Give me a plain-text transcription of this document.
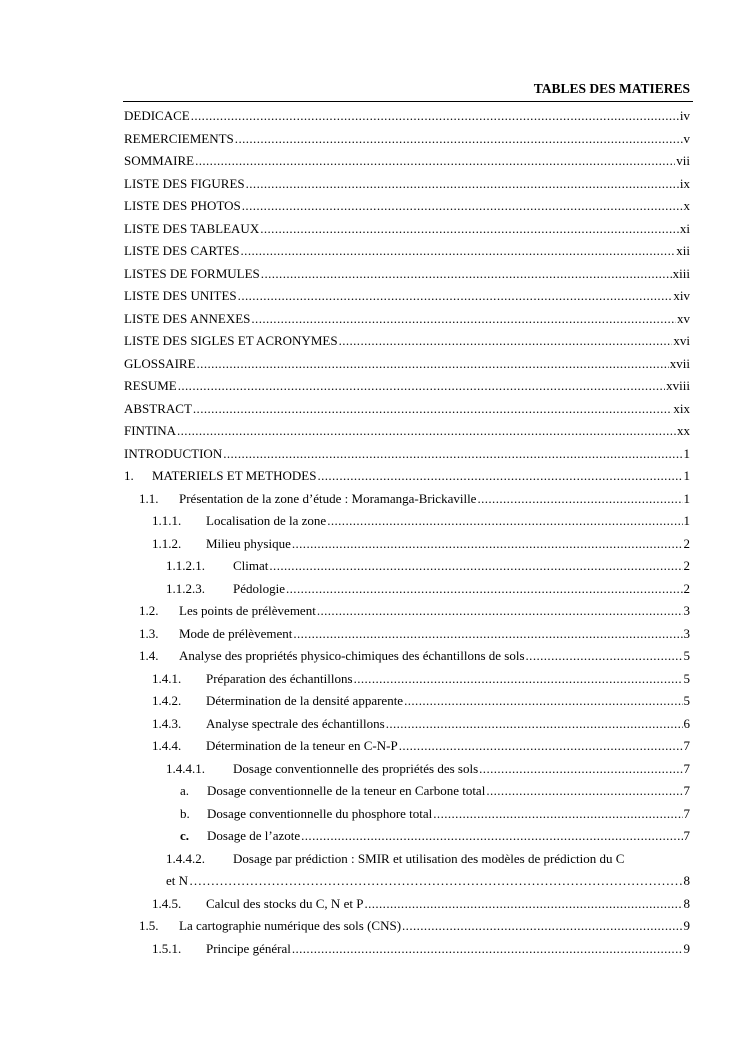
TABLES DES MATIERES
DEDICACE .....	iv
REMERCIEMENTS .....	v
SOMMAIRE .....	vii
LISTE DES FIGURES .....	ix
LISTE DES PHOTOS .....	x
LISTE DES TABLEAUX .....	xi
LISTE DES CARTES .....	xii
LISTES DE FORMULES .....	xiii
LISTE DES UNITES .....	xiv
LISTE DES ANNEXES .....	xv
LISTE DES SIGLES ET ACRONYMES .....	xvi
GLOSSAIRE .....	xvii
RESUME .....	xviii
ABSTRACT .....	xix
FINTINA .....	xx
INTRODUCTION .....	1
1.	MATERIELS ET METHODES .....	1
1.1.	Présentation de la zone d’étude : Moramanga-Brickaville .....	1
1.1.1.	Localisation de la zone .....	1
1.1.2.	Milieu physique .....	2
1.1.2.1.	Climat .....	2
1.1.2.3.	Pédologie .....	2
1.2.	Les points de prélèvement .....	3
1.3.	Mode de prélèvement .....	3
1.4.	Analyse des propriétés physico-chimiques des échantillons de sols .....	5
1.4.1.	Préparation des échantillons .....	5
1.4.2.	Détermination de la densité apparente .....	5
1.4.3.	Analyse spectrale des échantillons .....	6
1.4.4.	Détermination de la teneur en C-N-P .....	7
1.4.4.1.	Dosage conventionnelle des propriétés des sols .....	7
a.	Dosage conventionnelle de la teneur en Carbone total .....	7
b.	Dosage conventionnelle du phosphore total .....	7
c.	Dosage de l’azote .....	7
1.4.4.2.	Dosage par prédiction : SMIR et utilisation des modèles de prédiction du C
et N ……………………………………………………………………………………………………………………………………………………………………………………	8
1.4.5.	Calcul des stocks du C, N et P .....	8
1.5.	La cartographie numérique des sols (CNS) .....	9
1.5.1.	Principe général .....	9
